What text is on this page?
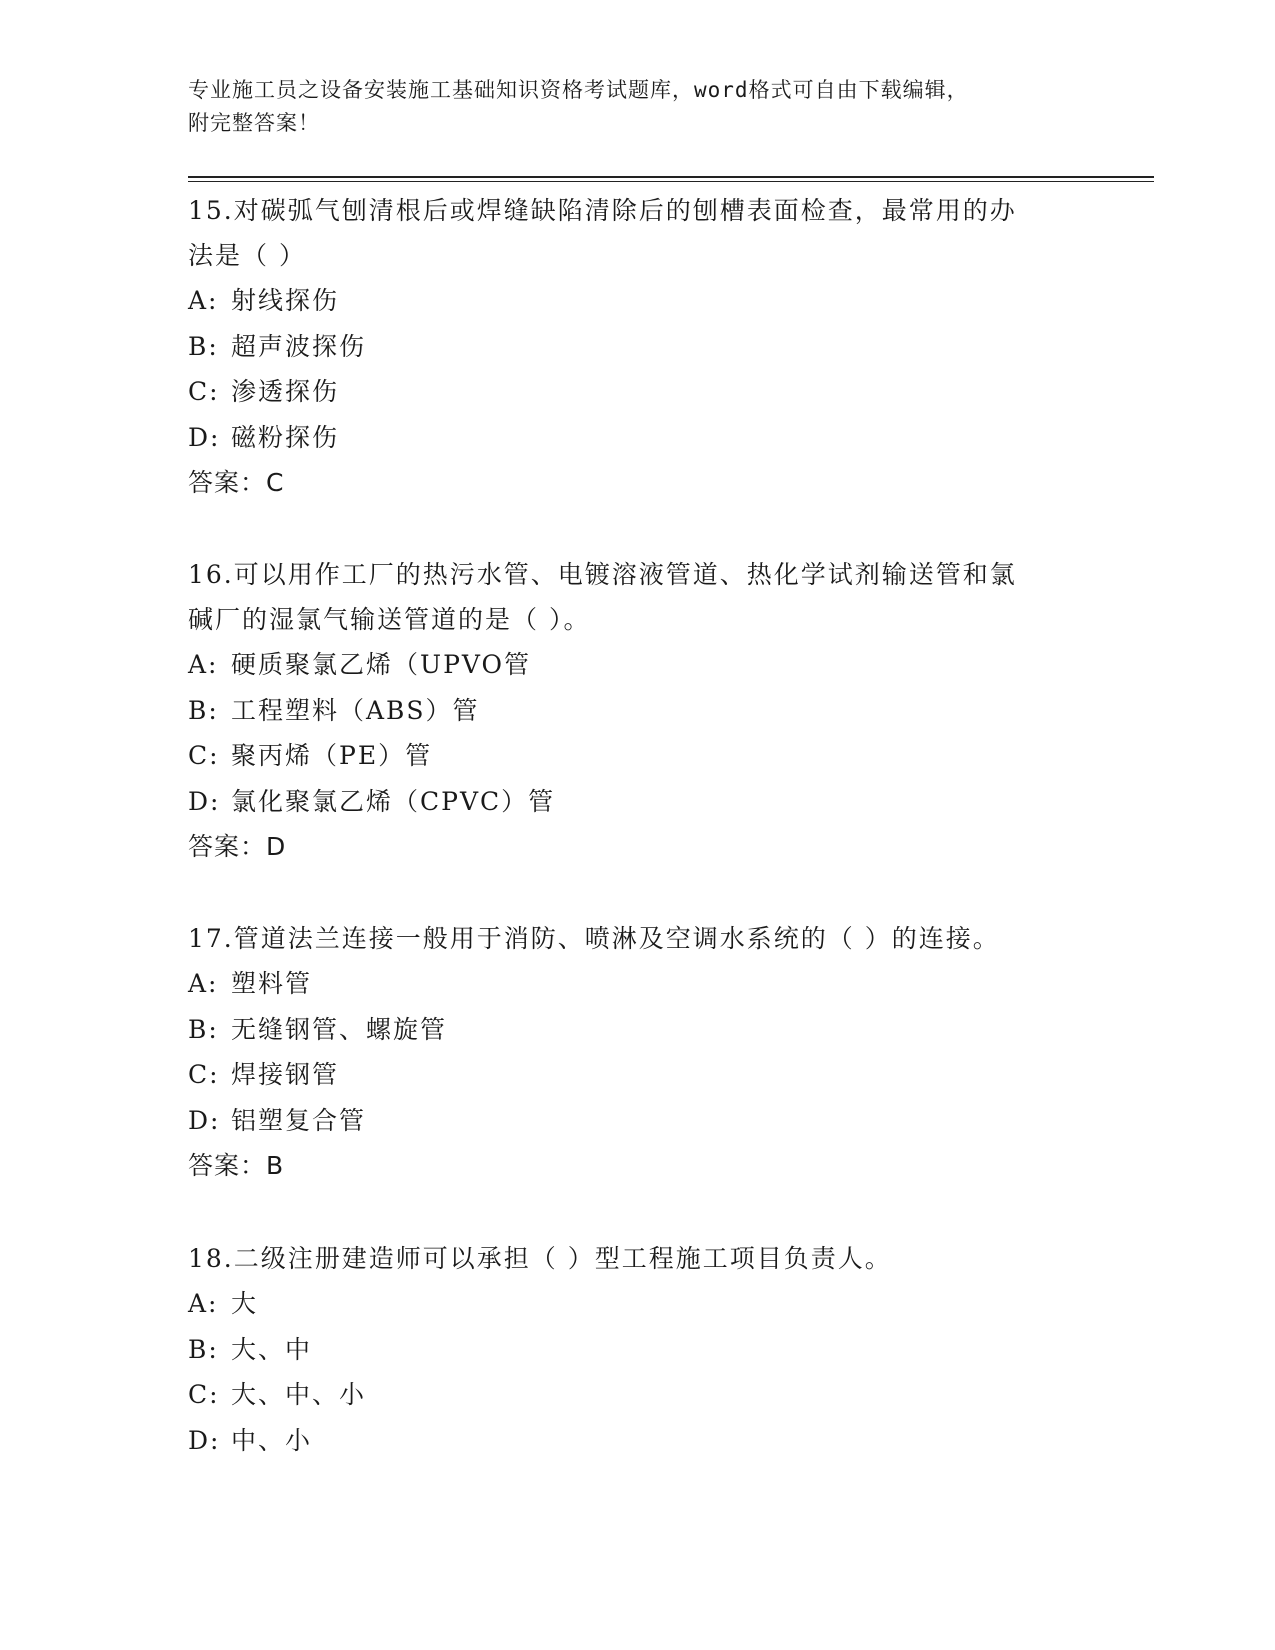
专业施工员之设备安装施工基础知识资格考试题库，word格式可自由下载编辑，
附完整答案！

15.对碳弧气刨清根后或焊缝缺陷清除后的刨槽表面检查，最常用的办
法是（ ）

A: 射线探伤

B: 超声波探伤

C: 渗透探伤

D: 磁粉探伤

答案：C

16.可以用作工厂的热污水管、电镀溶液管道、热化学试剂输送管和氯
碱厂的湿氯气输送管道的是（ ）。

A: 硬质聚氯乙烯（UPVO管

B: 工程塑料（ABS）管

C: 聚丙烯（PE）管

D: 氯化聚氯乙烯（CPVC）管

答案：D

17.管道法兰连接一般用于消防、喷淋及空调水系统的（ ）的连接。

A: 塑料管

B: 无缝钢管、螺旋管

C: 焊接钢管

D: 铝塑复合管

答案：B

18.二级注册建造师可以承担（ ）型工程施工项目负责人。

A: 大

B: 大、中

C: 大、中、小

D: 中、小
